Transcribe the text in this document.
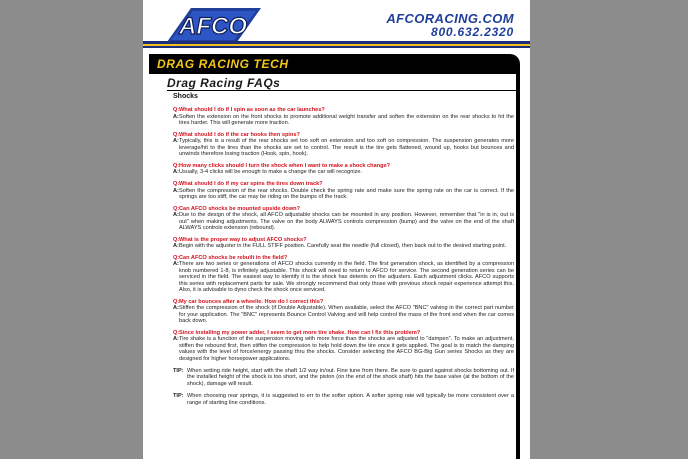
AFCO	AFCORACING.COM
800.632.2320
DRAG RACING TECH
Drag Racing FAQs
Shocks
Q: What should I do if I spin as soon as the car launches?
A: Soften the extension on the front shocks to promote additional weight transfer and soften the extension on the rear shocks to hit the tires harder. This will generate more traction.
Q: What should I do if the car hooks then spins?
A: Typically, this is a result of the rear shocks set too soft on extension and too soft on compression. The suspension generates more leverage/hit to the tires than the shocks are set to control. The result is the tire gets flattened, wound up, hooks but bounces and unwinds therefore losing traction (Hook, spin, hook).
Q: How many clicks should I turn the shock when I want to make a shock change?
A: Usually, 3-4 clicks will be enough to make a change the car will recognize.
Q: What should I do if my car spins the tires down track?
A: Soften the compression of the rear shocks. Double check the spring rate and make sure the spring rate on the car is correct. If the springs are too stiff, the car may be riding on the bumps of the track.
Q: Can AFCO shocks be mounted upside down?
A: Due to the design of the shock, all AFCO adjustable shocks can be mounted in any position. However, remember that "in is in, out is out" when making adjustments. The valve on the body ALWAYS controls compression (bump) and the valve on the end of the shaft ALWAYS controls extension (rebound).
Q: What is the proper way to adjust AFCO shocks?
A: Begin with the adjuster in the FULL STIFF position. Carefully seat the needle (full closed), then back out to the desired starting point.
Q: Can AFCO shocks be rebuilt in the field?
A: There are two series or generations of AFCO shocks currently in the field. The first generation shock, as identified by a compression knob numbered 1-8, is infinitely adjustable. This shock will need to return to AFCO for service. The second generation series can be serviced in the field. The easiest way to identify it is the shock has detents on the adjusters. Each adjustment clicks. AFCO supports this series with replacement parts for sale. We strongly recommend that only those with previous shock repair experience attempt this. Also, it is advisable to dyno check the shock once serviced.
Q: My car bounces after a wheelie. How do I correct this?
A: Stiffen the compression of the shock (if Double Adjustable). When available, select the AFCO "BNC" valving in the correct part number for your application. The "BNC" represents Bounce Control Valving and will help control the mass of the front end when the car comes back down.
Q: Since installing my power adder, I seem to get more tire shake. How can I fix this problem?
A: Tire shake is a function of the suspension moving with more force than the shocks are adjusted to "dampen". To make an adjustment, stiffen the rebound first, then stiffen the compression to help hold down the tire once it gets applied. The goal is to match the damping values with the level of force/energy passing thru the shocks. Consider selecting the AFCO BG-Big Gun series Shocks as they are designed for higher horsepower applications.
TIP: When setting ride height, start with the shaft 1/2 way in/out. Fine tune from there. Be sure to guard against shocks bottoming out. If the installed height of the shock is too short, and the piston (on the end of the shock shaft) hits the base valve (at the bottom of the shock), damage will result.
TIP: When choosing rear springs, it is suggested to err to the softer option. A softer spring rate will typically be more consistent over a range of starting line conditions.
